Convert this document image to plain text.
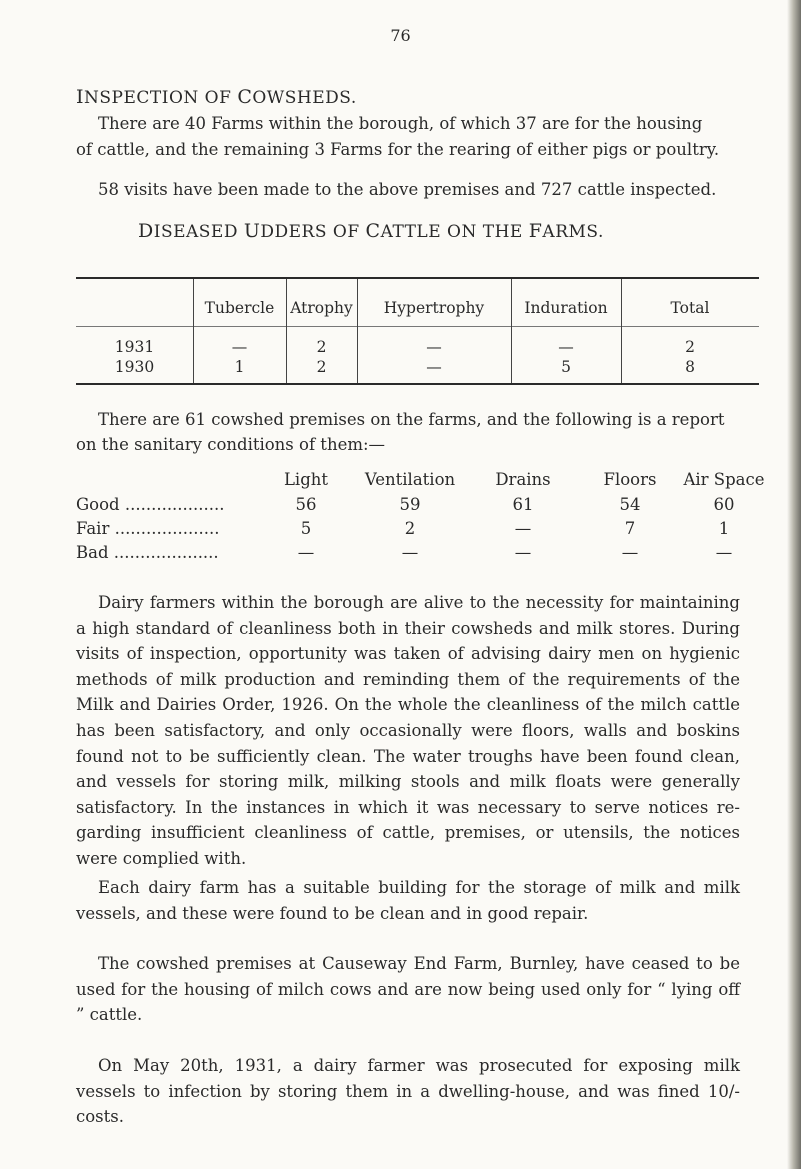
76
INSPECTION OF COWSHEDS.
There are 40 Farms within the borough, of which 37 are for the housing
of cattle, and the remaining 3 Farms for the rearing of either pigs or poultry.
58 visits have been made to the above premises and 727 cattle inspected.
DISEASED UDDERS OF CATTLE ON THE FARMS.
Tubercle	Atrophy	Hypertrophy	Induration	Total
1931	—	2	—	—	2
1930	1	2	—	5	8
There are 61 cowshed premises on the farms, and the following is a report
on the sanitary conditions of them:—
Light	Ventilation	Drains	Floors	Air Space
Good ...................	56	59	61	54	60
Fair ....................	5	2	—	7	1
Bad ....................	—	—	—	—	—
Dairy farmers within the borough are alive to the necessity for maintaining a high standard of cleanliness both in their cowsheds and milk stores. During visits of inspection, opportunity was taken of advising dairy men on hygienic methods of milk production and reminding them of the requirements of the Milk and Dairies Order, 1926. On the whole the cleanliness of the milch cattle has been satisfactory, and only occasionally were floors, walls and boskins found not to be sufficiently clean. The water troughs have been found clean, and vessels for storing milk, milking stools and milk floats were generally satisfactory. In the instances in which it was necessary to serve notices re-garding insufficient cleanliness of cattle, premises, or utensils, the notices were complied with.
Each dairy farm has a suitable building for the storage of milk and milk vessels, and these were found to be clean and in good repair.
The cowshed premises at Causeway End Farm, Burnley, have ceased to be used for the housing of milch cows and are now being used only for “ lying off ” cattle.
On May 20th, 1931, a dairy farmer was prosecuted for exposing milk vessels to infection by storing them in a dwelling-house, and was fined 10/- costs.
